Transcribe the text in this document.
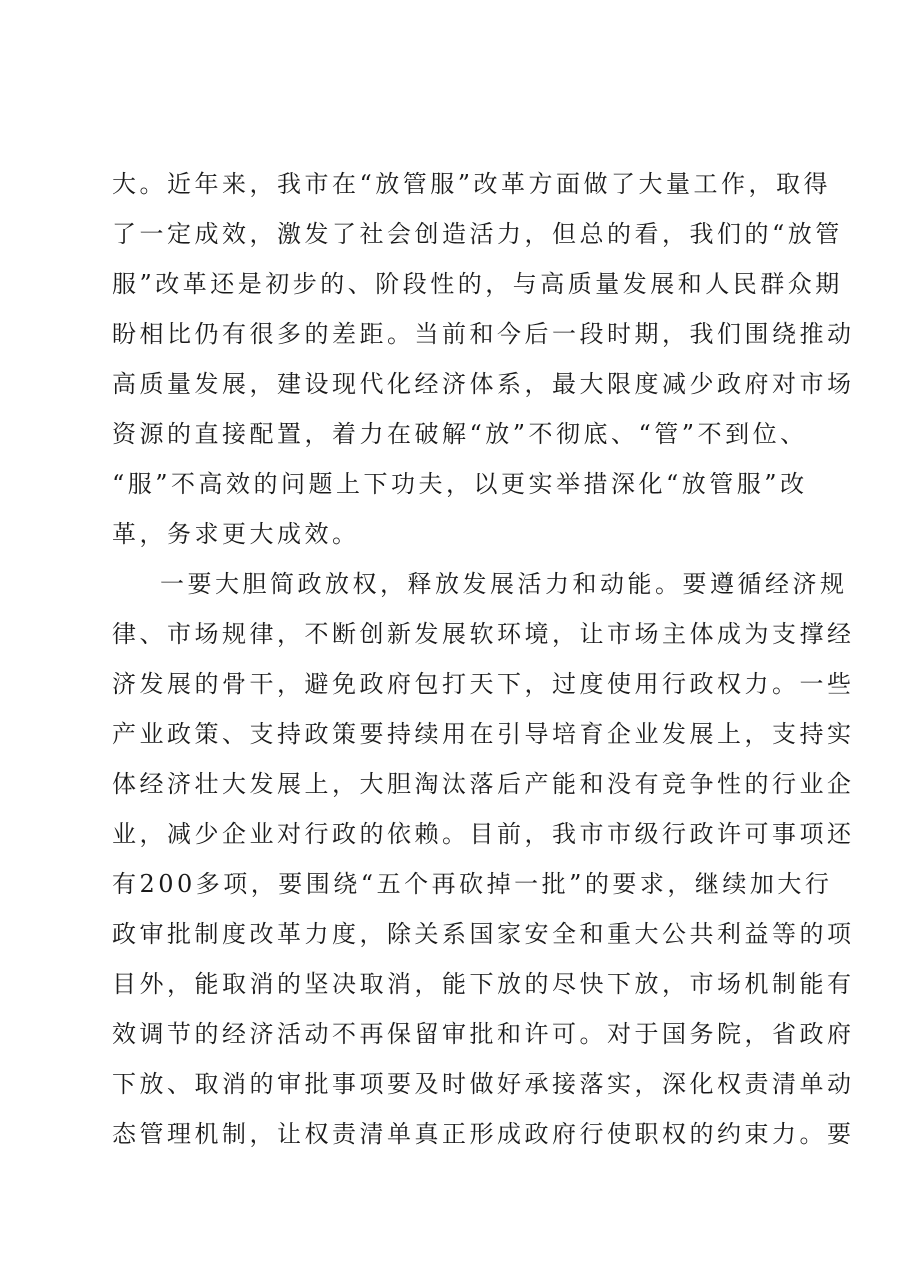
大。近年来，我市在“放管服”改革方面做了大量工作，取得
了一定成效，激发了社会创造活力，但总的看，我们的“放管
服”改革还是初步的、阶段性的，与高质量发展和人民群众期
盼相比仍有很多的差距。当前和今后一段时期，我们围绕推动
高质量发展，建设现代化经济体系，最大限度减少政府对市场
资源的直接配置，着力在破解“放”不彻底、“管”不到位、
“服”不高效的问题上下功夫，以更实举措深化“放管服”改
革，务求更大成效。
一要大胆简政放权，释放发展活力和动能。要遵循经济规
律、市场规律，不断创新发展软环境，让市场主体成为支撑经
济发展的骨干，避免政府包打天下，过度使用行政权力。一些
产业政策、支持政策要持续用在引导培育企业发展上，支持实
体经济壮大发展上，大胆淘汰落后产能和没有竞争性的行业企
业，减少企业对行政的依赖。目前，我市市级行政许可事项还
有200多项，要围绕“五个再砍掉一批”的要求，继续加大行
政审批制度改革力度，除关系国家安全和重大公共利益等的项
目外，能取消的坚决取消，能下放的尽快下放，市场机制能有
效调节的经济活动不再保留审批和许可。对于国务院，省政府
下放、取消的审批事项要及时做好承接落实，深化权责清单动
态管理机制，让权责清单真正形成政府行使职权的约束力。要
